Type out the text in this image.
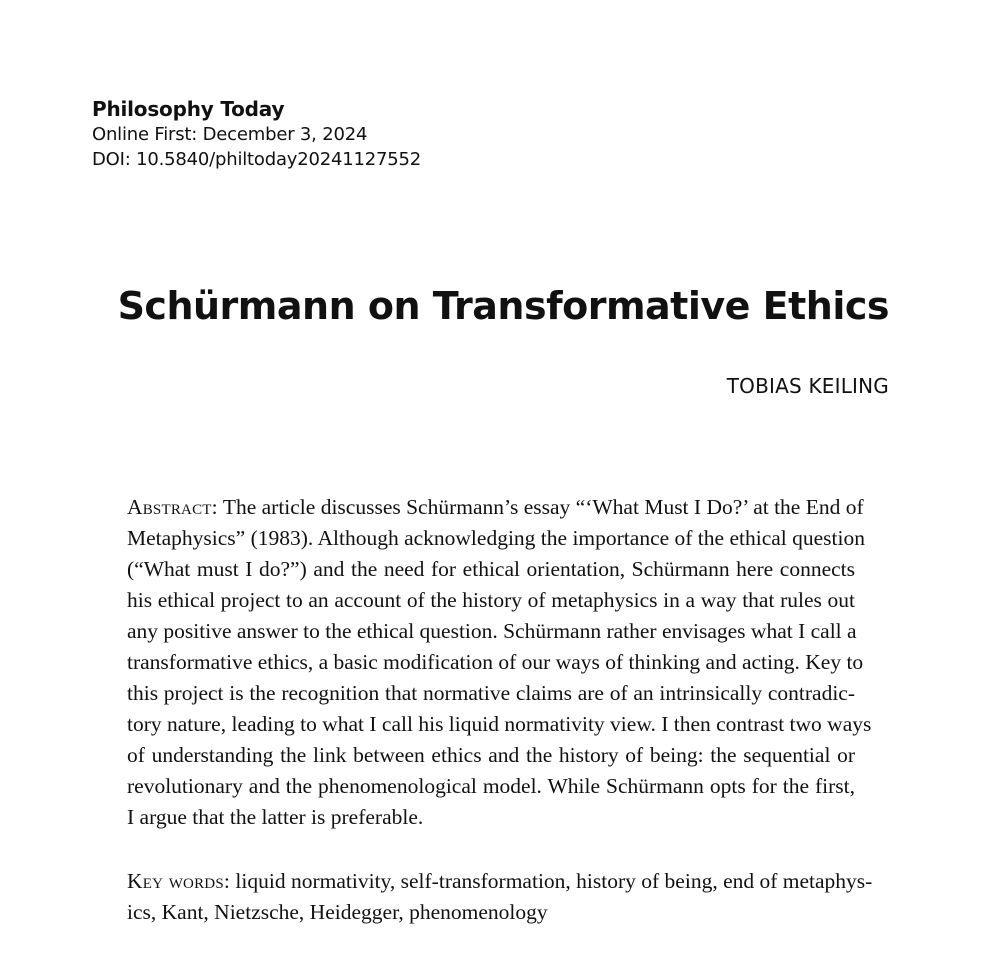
Philosophy Today
Online First: December 3, 2024
DOI: 10.5840/philtoday20241127552
Schürmann on Transformative Ethics
TOBIAS KEILING
Abstract: The article discusses Schürmann’s essay “‘What Must I Do?’ at the End of
Metaphysics” (1983). Although acknowledging the importance of the ethical question
(“What must I do?”) and the need for ethical orientation, Schürmann here connects
his ethical project to an account of the history of metaphysics in a way that rules out
any positive answer to the ethical question. Schürmann rather envisages what I call a
transformative ethics, a basic modification of our ways of thinking and acting. Key to
this project is the recognition that normative claims are of an intrinsically contradic-
tory nature, leading to what I call his liquid normativity view. I then contrast two ways
of understanding the link between ethics and the history of being: the sequential or
revolutionary and the phenomenological model. While Schürmann opts for the first,
I argue that the latter is preferable.
Key words: liquid normativity, self-transformation, history of being, end of metaphys-
ics, Kant, Nietzsche, Heidegger, phenomenology
